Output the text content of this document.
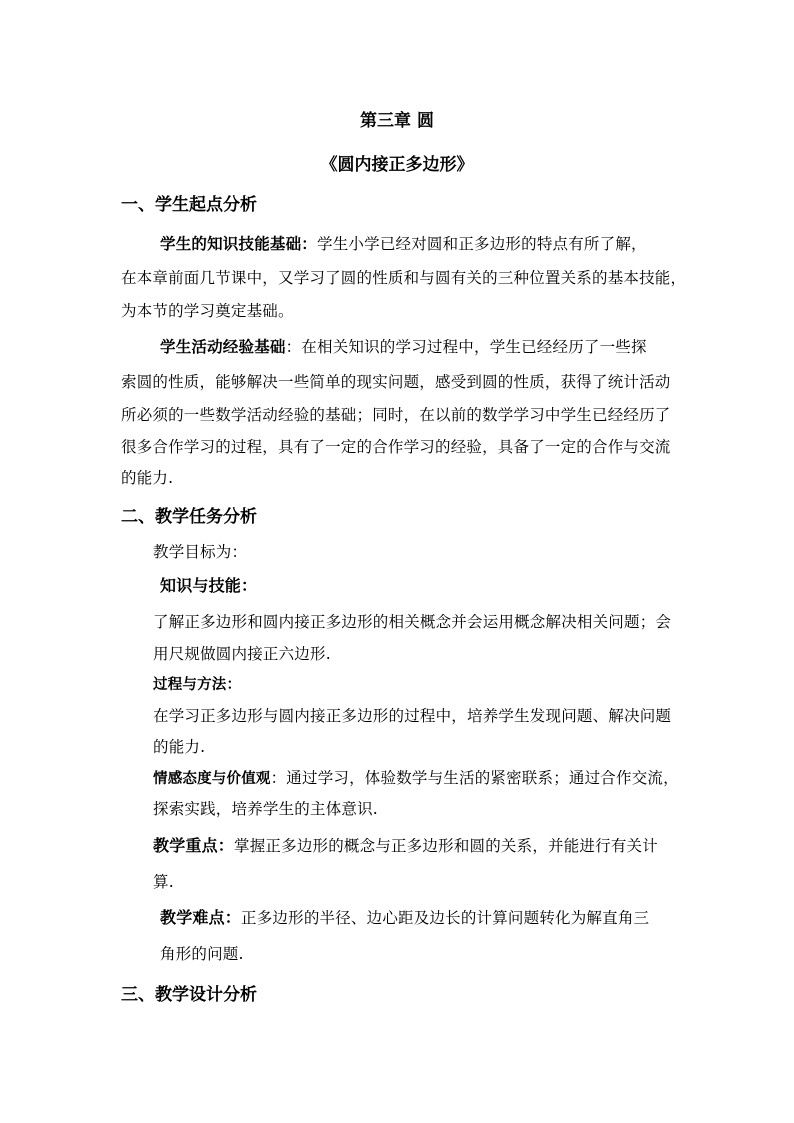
第三章 圆
《圆内接正多边形》
一、学生起点分析
学生的知识技能基础：学生小学已经对圆和正多边形的特点有所了解，
在本章前面几节课中，又学习了圆的性质和与圆有关的三种位置关系的基本技能，
为本节的学习奠定基础。
学生活动经验基础：在相关知识的学习过程中，学生已经经历了一些探
索圆的性质，能够解决一些简单的现实问题，感受到圆的性质，获得了统计活动
所必须的一些数学活动经验的基础；同时，在以前的数学学习中学生已经经历了
很多合作学习的过程，具有了一定的合作学习的经验，具备了一定的合作与交流
的能力.
二、教学任务分析
教学目标为：
知识与技能：
了解正多边形和圆内接正多边形的相关概念并会运用概念解决相关问题；会
用尺规做圆内接正六边形.
过程与方法：
在学习正多边形与圆内接正多边形的过程中，培养学生发现问题、解决问题
的能力.
情感态度与价值观：通过学习，体验数学与生活的紧密联系；通过合作交流，
探索实践，培养学生的主体意识.
教学重点：掌握正多边形的概念与正多边形和圆的关系，并能进行有关计
算.
教学难点：正多边形的半径、边心距及边长的计算问题转化为解直角三
角形的问题.
三、教学设计分析
